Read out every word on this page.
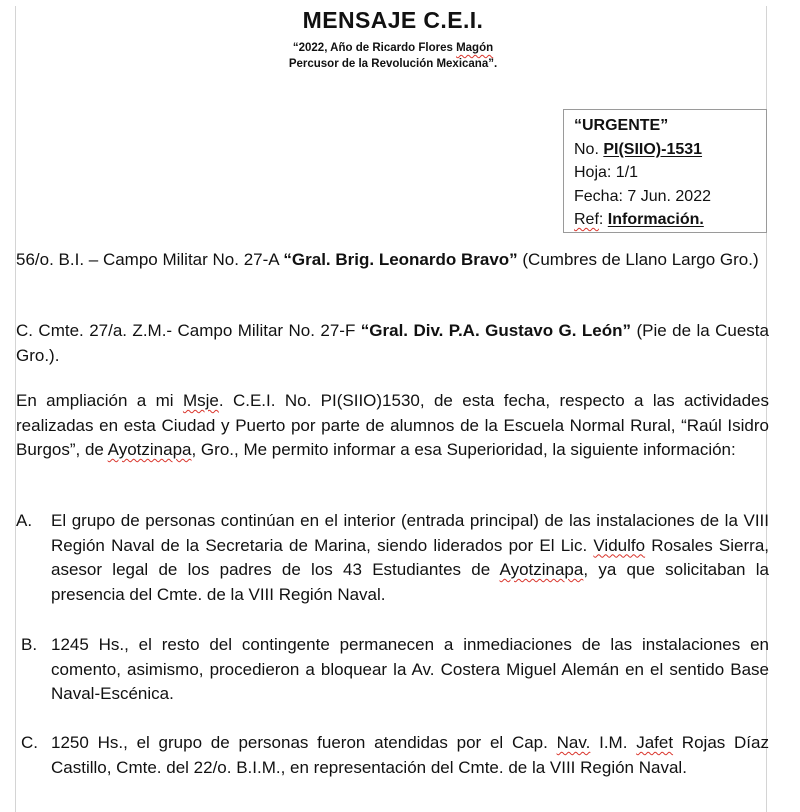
MENSAJE C.E.I.
“2022, Año de Ricardo Flores Magón
Percusor de la Revolución Mexicana”.
“URGENTE”
No. PI(SIIO)-1531
Hoja: 1/1
Fecha: 7 Jun. 2022
Ref: Información.
56/o. B.I. – Campo Militar No. 27-A “Gral. Brig. Leonardo Bravo” (Cumbres de Llano Largo Gro.)
C. Cmte. 27/a. Z.M.- Campo Militar No. 27-F “Gral. Div. P.A. Gustavo G. León” (Pie de la Cuesta Gro.).
En ampliación a mi Msje. C.E.I. No. PI(SIIO)1530, de esta fecha, respecto a las actividades realizadas en esta Ciudad y Puerto por parte de alumnos de la Escuela Normal Rural, “Raúl Isidro Burgos”, de Ayotzinapa, Gro., Me permito informar a esa Superioridad, la siguiente información:
A. El grupo de personas continúan en el interior (entrada principal) de las instalaciones de la VIII Región Naval de la Secretaria de Marina, siendo liderados por El Lic. Vidulfo Rosales Sierra, asesor legal de los padres de los 43 Estudiantes de Ayotzinapa, ya que solicitaban la presencia del Cmte. de la VIII Región Naval.
B. 1245 Hs., el resto del contingente permanecen a inmediaciones de las instalaciones en comento, asimismo, procedieron a bloquear la Av. Costera Miguel Alemán en el sentido Base Naval-Escénica.
C. 1250 Hs., el grupo de personas fueron atendidas por el Cap. Nav. I.M. Jafet Rojas Díaz Castillo, Cmte. del 22/o. B.I.M., en representación del Cmte. de la VIII Región Naval.
